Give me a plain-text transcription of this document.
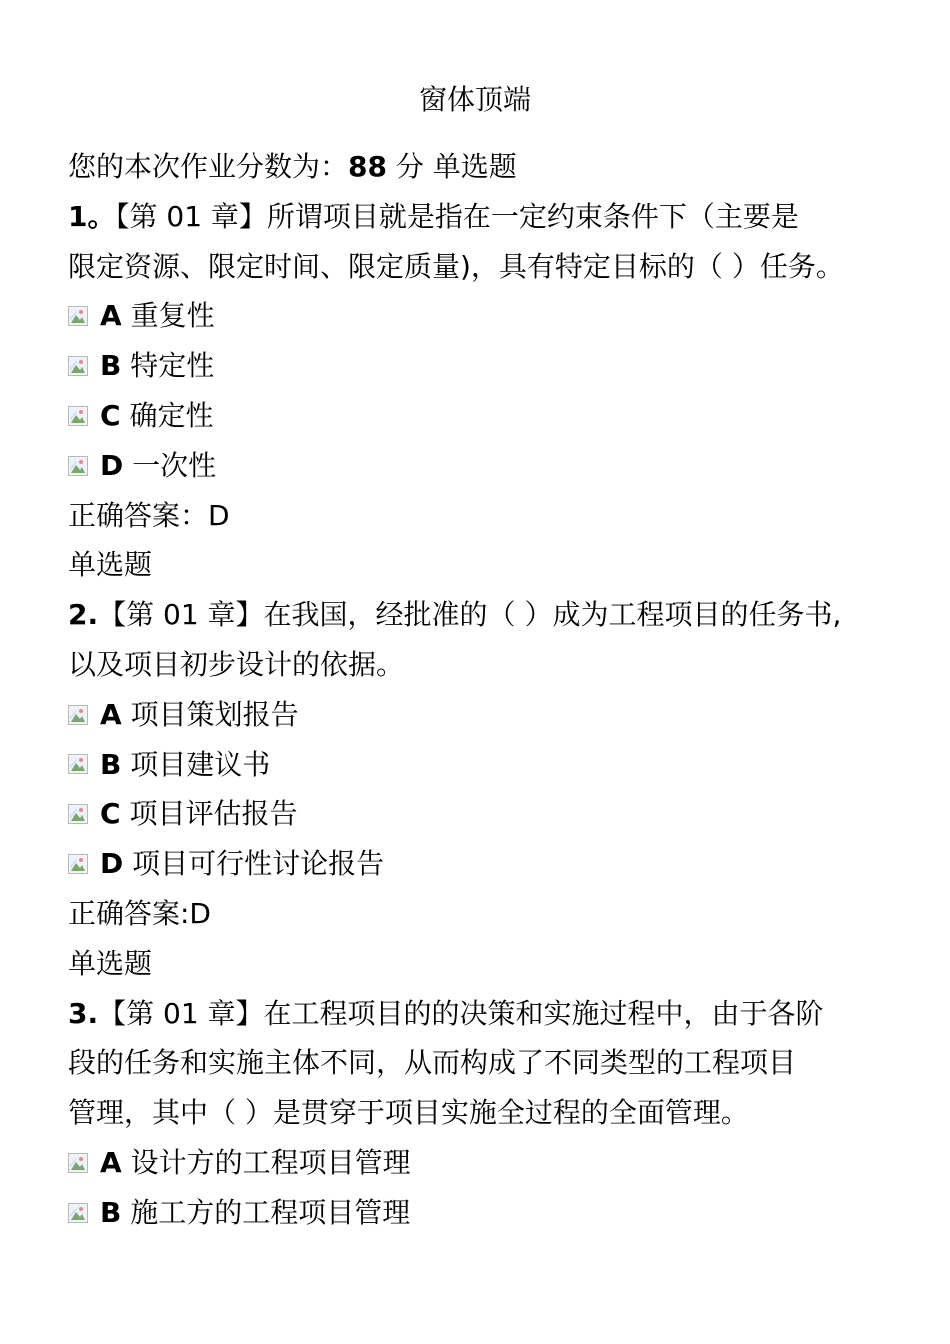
窗体顶端
您的本次作业分数为：88 分 单选题
1。【第 01 章】所谓项目就是指在一定约束条件下（主要是
限定资源、限定时间、限定质量)，具有特定目标的（ ）任务。
A
重复性
B
特定性
C
确定性
D
一次性
正确答案：D
单选题
2.【第 01 章】在我国，经批准的（ ）成为工程项目的任务书,
以及项目初步设计的依据。
A
项目策划报告
B
项目建议书
C
项目评估报告
D
项目可行性讨论报告
正确答案:D
单选题
3.【第 01 章】在工程项目的的决策和实施过程中，由于各阶
段的任务和实施主体不同，从而构成了不同类型的工程项目
管理，其中（ ）是贯穿于项目实施全过程的全面管理。
A
设计方的工程项目管理
B
施工方的工程项目管理
